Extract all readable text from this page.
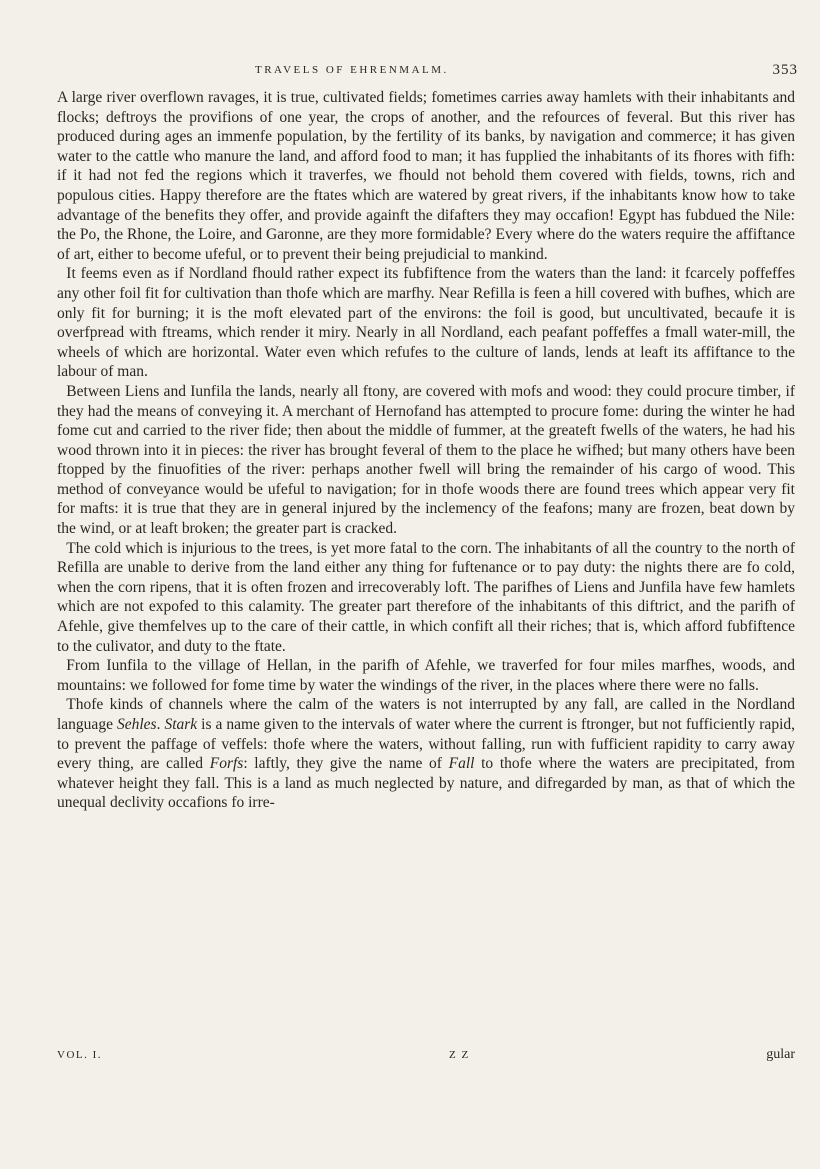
TRAVELS OF EHRENMALM.	353

A large river overflown ravages, it is true, cultivated fields; fometimes carries away hamlets with their inhabitants and flocks; deftroys the provifions of one year, the crops of another, and the refources of feveral. But this river has produced during ages an immenfe population, by the fertility of its banks, by navigation and commerce; it has given water to the cattle who manure the land, and afford food to man; it has fupplied the inhabitants of its fhores with fifh: if it had not fed the regions which it traverfes, we fhould not behold them covered with fields, towns, rich and populous cities. Happy therefore are the ftates which are watered by great rivers, if the inhabitants know how to take advantage of the benefits they offer, and provide againft the difafters they may occafion! Egypt has fubdued the Nile: the Po, the Rhone, the Loire, and Garonne, are they more formidable? Every where do the waters require the affiftance of art, either to become ufeful, or to prevent their being prejudicial to mankind.

It feems even as if Nordland fhould rather expect its fubfiftence from the waters than the land: it fcarcely poffeffes any other foil fit for cultivation than thofe which are marfhy. Near Refilla is feen a hill covered with bufhes, which are only fit for burning; it is the moft elevated part of the environs: the foil is good, but uncultivated, becaufe it is overfpread with ftreams, which render it miry. Nearly in all Nordland, each peafant poffeffes a fmall water-mill, the wheels of which are horizontal. Water even which refufes to the culture of lands, lends at leaft its affiftance to the labour of man.

Between Liens and Iunfila the lands, nearly all ftony, are covered with mofs and wood: they could procure timber, if they had the means of conveying it. A merchant of Hernofand has attempted to procure fome: during the winter he had fome cut and carried to the river fide; then about the middle of fummer, at the greateft fwells of the waters, he had his wood thrown into it in pieces: the river has brought feveral of them to the place he wifhed; but many others have been ftopped by the finuofities of the river: perhaps another fwell will bring the remainder of his cargo of wood. This method of conveyance would be ufeful to navigation; for in thofe woods there are found trees which appear very fit for mafts: it is true that they are in general injured by the inclemency of the feafons; many are frozen, beat down by the wind, or at leaft broken; the greater part is cracked.

The cold which is injurious to the trees, is yet more fatal to the corn. The inhabitants of all the country to the north of Refilla are unable to derive from the land either any thing for fuftenance or to pay duty: the nights there are fo cold, when the corn ripens, that it is often frozen and irrecoverably loft. The parifhes of Liens and Junfila have few hamlets which are not expofed to this calamity. The greater part therefore of the inhabitants of this diftrict, and the parifh of Afehle, give themfelves up to the care of their cattle, in which confift all their riches; that is, which afford fubfiftence to the culivator, and duty to the ftate.

From Iunfila to the village of Hellan, in the parifh of Afehle, we traverfed for four miles marfhes, woods, and mountains: we followed for fome time by water the windings of the river, in the places where there were no falls.

Thofe kinds of channels where the calm of the waters is not interrupted by any fall, are called in the Nordland language Sehles. Stark is a name given to the intervals of water where the current is ftronger, but not fufficiently rapid, to prevent the paffage of veffels: thofe where the waters, without falling, run with fufficient rapidity to carry away every thing, are called Forfs: laftly, they give the name of Fall to thofe where the waters are precipitated, from whatever height they fall. This is a land as much neglected by nature, and difregarded by man, as that of which the unequal declivity occafions fo irre-

VOL. I.	Z Z	gular
